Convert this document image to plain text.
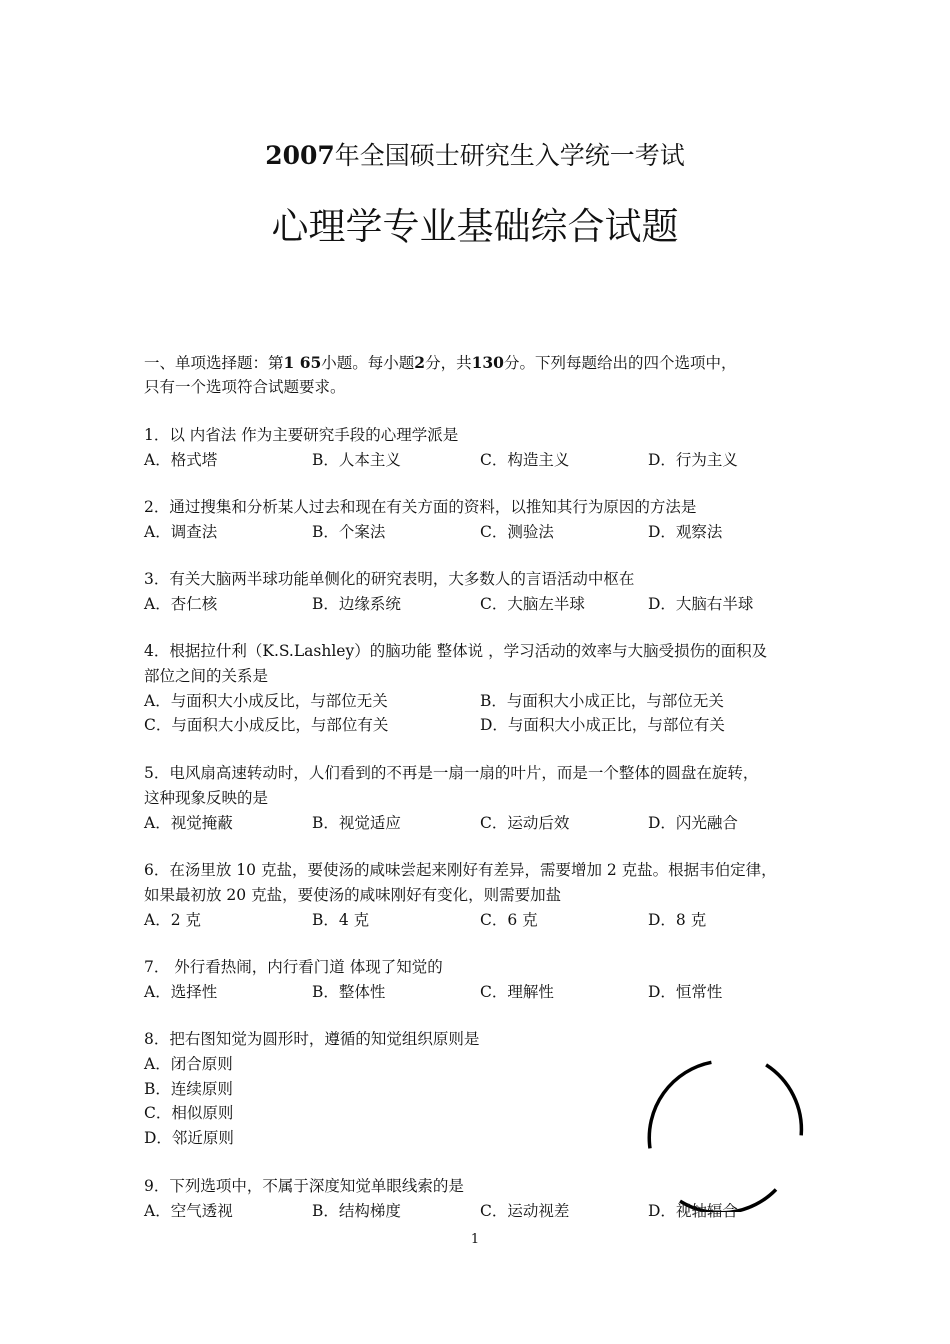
2007年全国硕士研究生入学统一考试
心理学专业基础综合试题
一、单项选择题：第1 65小题。每小题2分，共130分。下列每题给出的四个选项中，
只有一个选项符合试题要求。
1．以 内省法 作为主要研究手段的心理学派是
A．格式塔	B．人本主义	C．构造主义	D．行为主义
2．通过搜集和分析某人过去和现在有关方面的资料，以推知其行为原因的方法是
A．调查法	B．个案法	C．测验法	D．观察法
3．有关大脑两半球功能单侧化的研究表明，大多数人的言语活动中枢在
A．杏仁核	B．边缘系统	C．大脑左半球	D．大脑右半球
4．根据拉什利（K.S.Lashley）的脑功能 整体说 ，学习活动的效率与大脑受损伤的面积及
部位之间的关系是
A．与面积大小成反比，与部位无关	B．与面积大小成正比，与部位无关
C．与面积大小成反比，与部位有关	D．与面积大小成正比，与部位有关
5．电风扇高速转动时，人们看到的不再是一扇一扇的叶片，而是一个整体的圆盘在旋转，
这种现象反映的是
A．视觉掩蔽	B．视觉适应	C．运动后效	D．闪光融合
6．在汤里放 10 克盐，要使汤的咸味尝起来刚好有差异，需要增加 2 克盐。根据韦伯定律，
如果最初放 20 克盐，要使汤的咸味刚好有变化，则需要加盐
A．2 克	B．4 克	C．6 克	D．8 克
7． 外行看热闹，内行看门道 体现了知觉的
A．选择性	B．整体性	C．理解性	D．恒常性
8．把右图知觉为圆形时，遵循的知觉组织原则是
A．闭合原则
B．连续原则
C．相似原则
D．邻近原则
9．下列选项中，不属于深度知觉单眼线索的是
A．空气透视	B．结构梯度	C．运动视差	D．视轴辐合
1
